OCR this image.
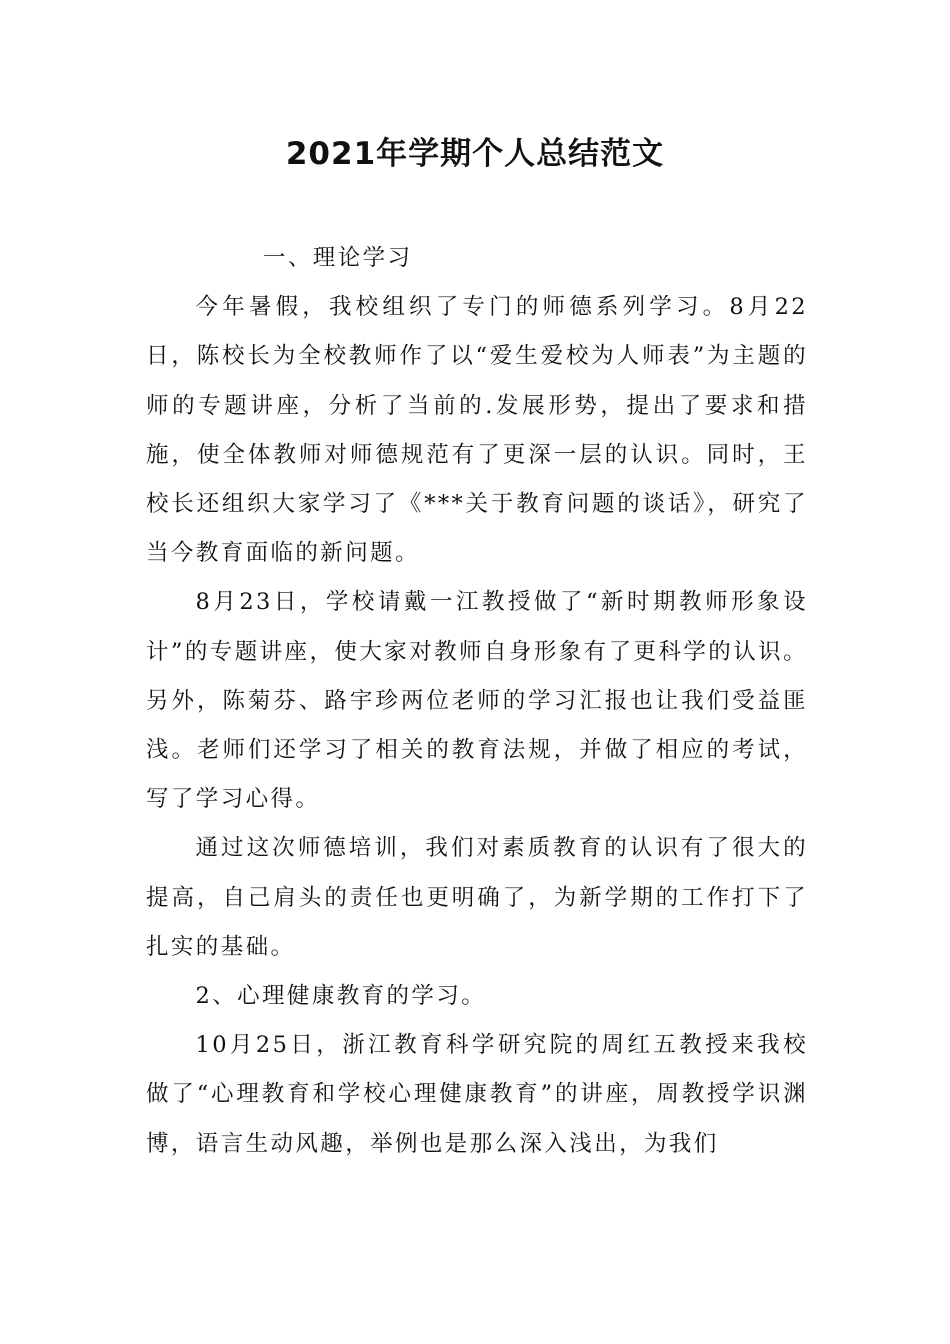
2021年学期个人总结范文

一、理论学习

今年暑假，我校组织了专门的师德系列学习。8月22日，陈校长为全校教师作了以“爱生爱校为人师表”为主题的师的专题讲座，分析了当前的.发展形势，提出了要求和措施，使全体教师对师德规范有了更深一层的认识。同时，王校长还组织大家学习了《***关于教育问题的谈话》，研究了当今教育面临的新问题。

8月23日，学校请戴一江教授做了“新时期教师形象设计”的专题讲座，使大家对教师自身形象有了更科学的认识。另外，陈菊芬、路宇珍两位老师的学习汇报也让我们受益匪浅。老师们还学习了相关的教育法规，并做了相应的考试，写了学习心得。

通过这次师德培训，我们对素质教育的认识有了很大的提高，自己肩头的责任也更明确了，为新学期的工作打下了扎实的基础。

2、心理健康教育的学习。

10月25日，浙江教育科学研究院的周红五教授来我校做了“心理教育和学校心理健康教育”的讲座，周教授学识渊博，语言生动风趣，举例也是那么深入浅出，为我们
